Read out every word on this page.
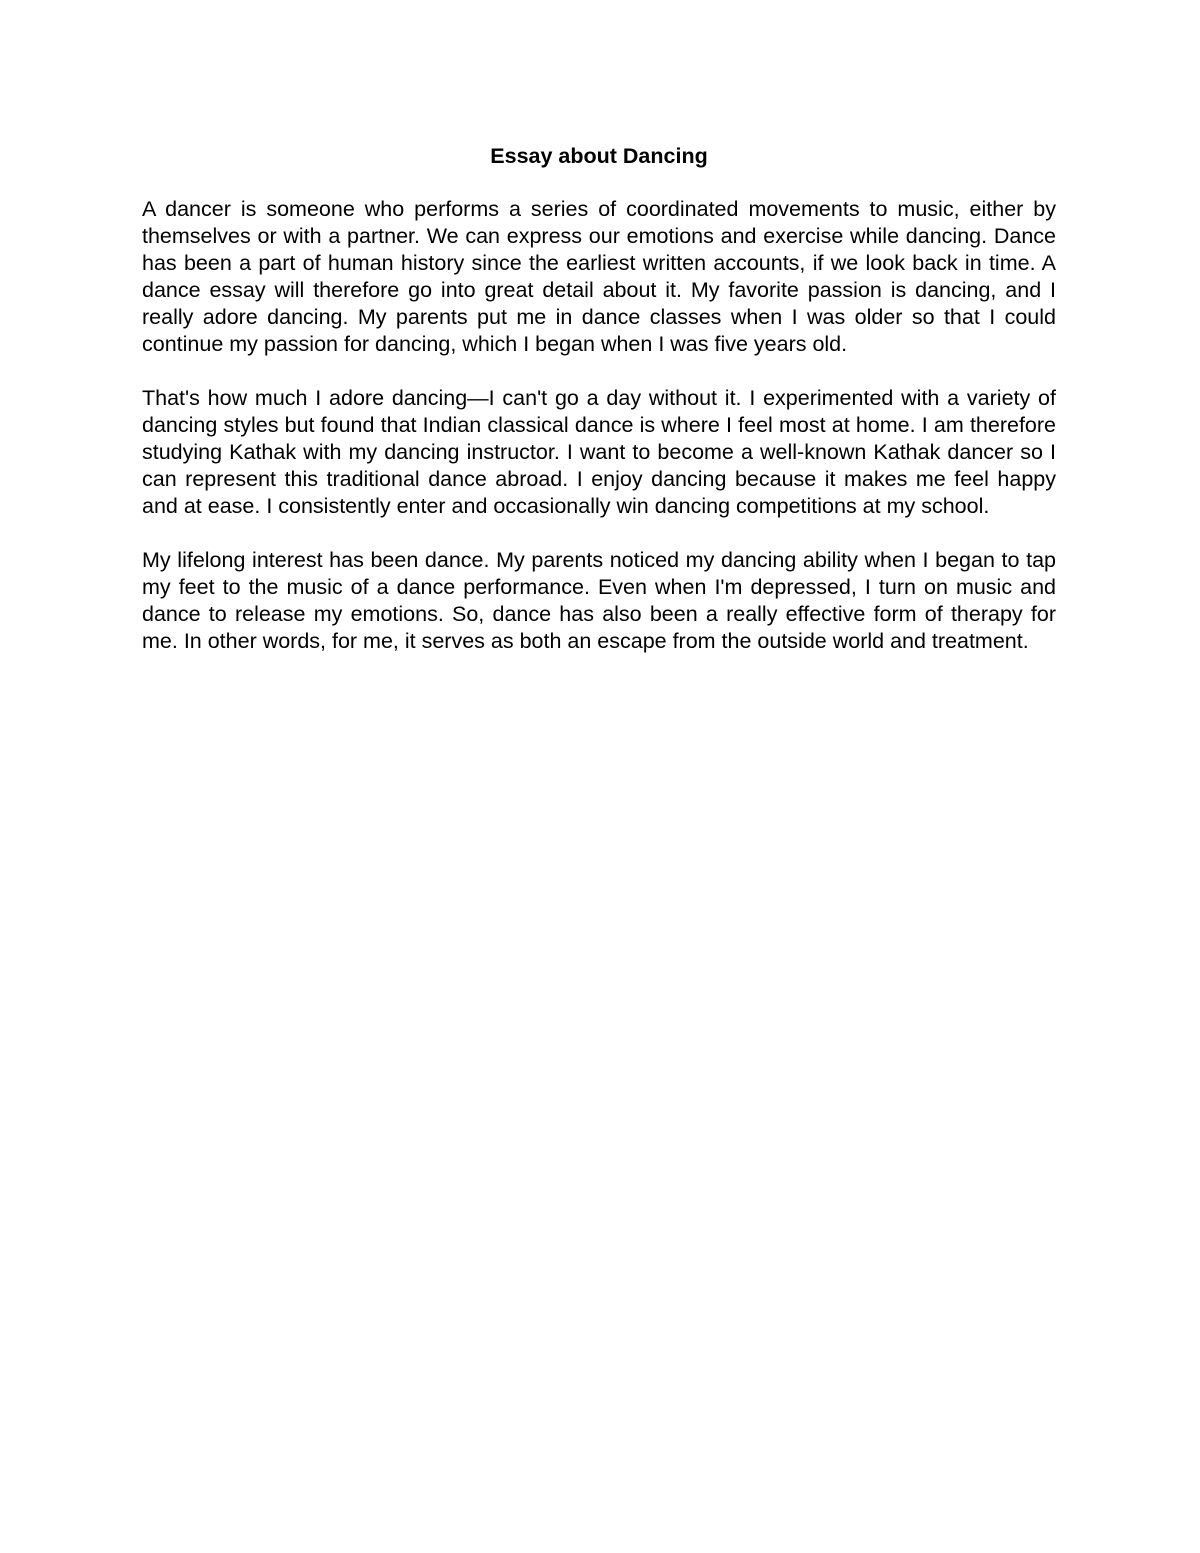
Essay about Dancing

A dancer is someone who performs a series of coordinated movements to music, either by themselves or with a partner. We can express our emotions and exercise while dancing. Dance has been a part of human history since the earliest written accounts, if we look back in time. A dance essay will therefore go into great detail about it. My favorite passion is dancing, and I really adore dancing. My parents put me in dance classes when I was older so that I could continue my passion for dancing, which I began when I was five years old.

That's how much I adore dancing—I can't go a day without it. I experimented with a variety of dancing styles but found that Indian classical dance is where I feel most at home. I am therefore studying Kathak with my dancing instructor. I want to become a well-known Kathak dancer so I can represent this traditional dance abroad. I enjoy dancing because it makes me feel happy and at ease. I consistently enter and occasionally win dancing competitions at my school.

My lifelong interest has been dance. My parents noticed my dancing ability when I began to tap my feet to the music of a dance performance. Even when I'm depressed, I turn on music and dance to release my emotions. So, dance has also been a really effective form of therapy for me. In other words, for me, it serves as both an escape from the outside world and treatment.
